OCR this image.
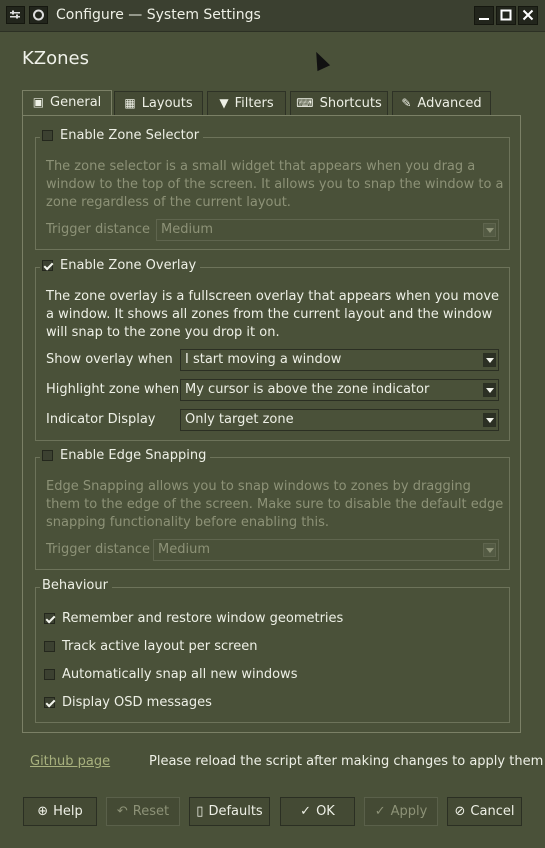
Configure — System Settings
KZones
▣ General	▦ Layouts	▼ Filters	⌨ Shortcuts	✎ Advanced
Enable Zone Selector
The zone selector is a small widget that appears when you drag a window to the top of the screen. It allows you to snap the window to a zone regardless of the current layout.
Trigger distance Medium
Enable Zone Overlay
The zone overlay is a fullscreen overlay that appears when you move a window. It shows all zones from the current layout and the window will snap to the zone you drop it on.
Show overlay when I start moving a window
Highlight zone when My cursor is above the zone indicator
Indicator Display	Only target zone
Enable Edge Snapping
Edge Snapping allows you to snap windows to zones by dragging them to the edge of the screen. Make sure to disable the default edge snapping functionality before enabling this.
Trigger distance Medium
Behaviour
Remember and restore window geometries
Track active layout per screen
Automatically snap all new windows
Display OSD messages
Github page	Please reload the script after making changes to apply them
⊕ Help	↶ Reset	▯ Defaults	✓ OK	✓ Apply	⊘ Cancel
